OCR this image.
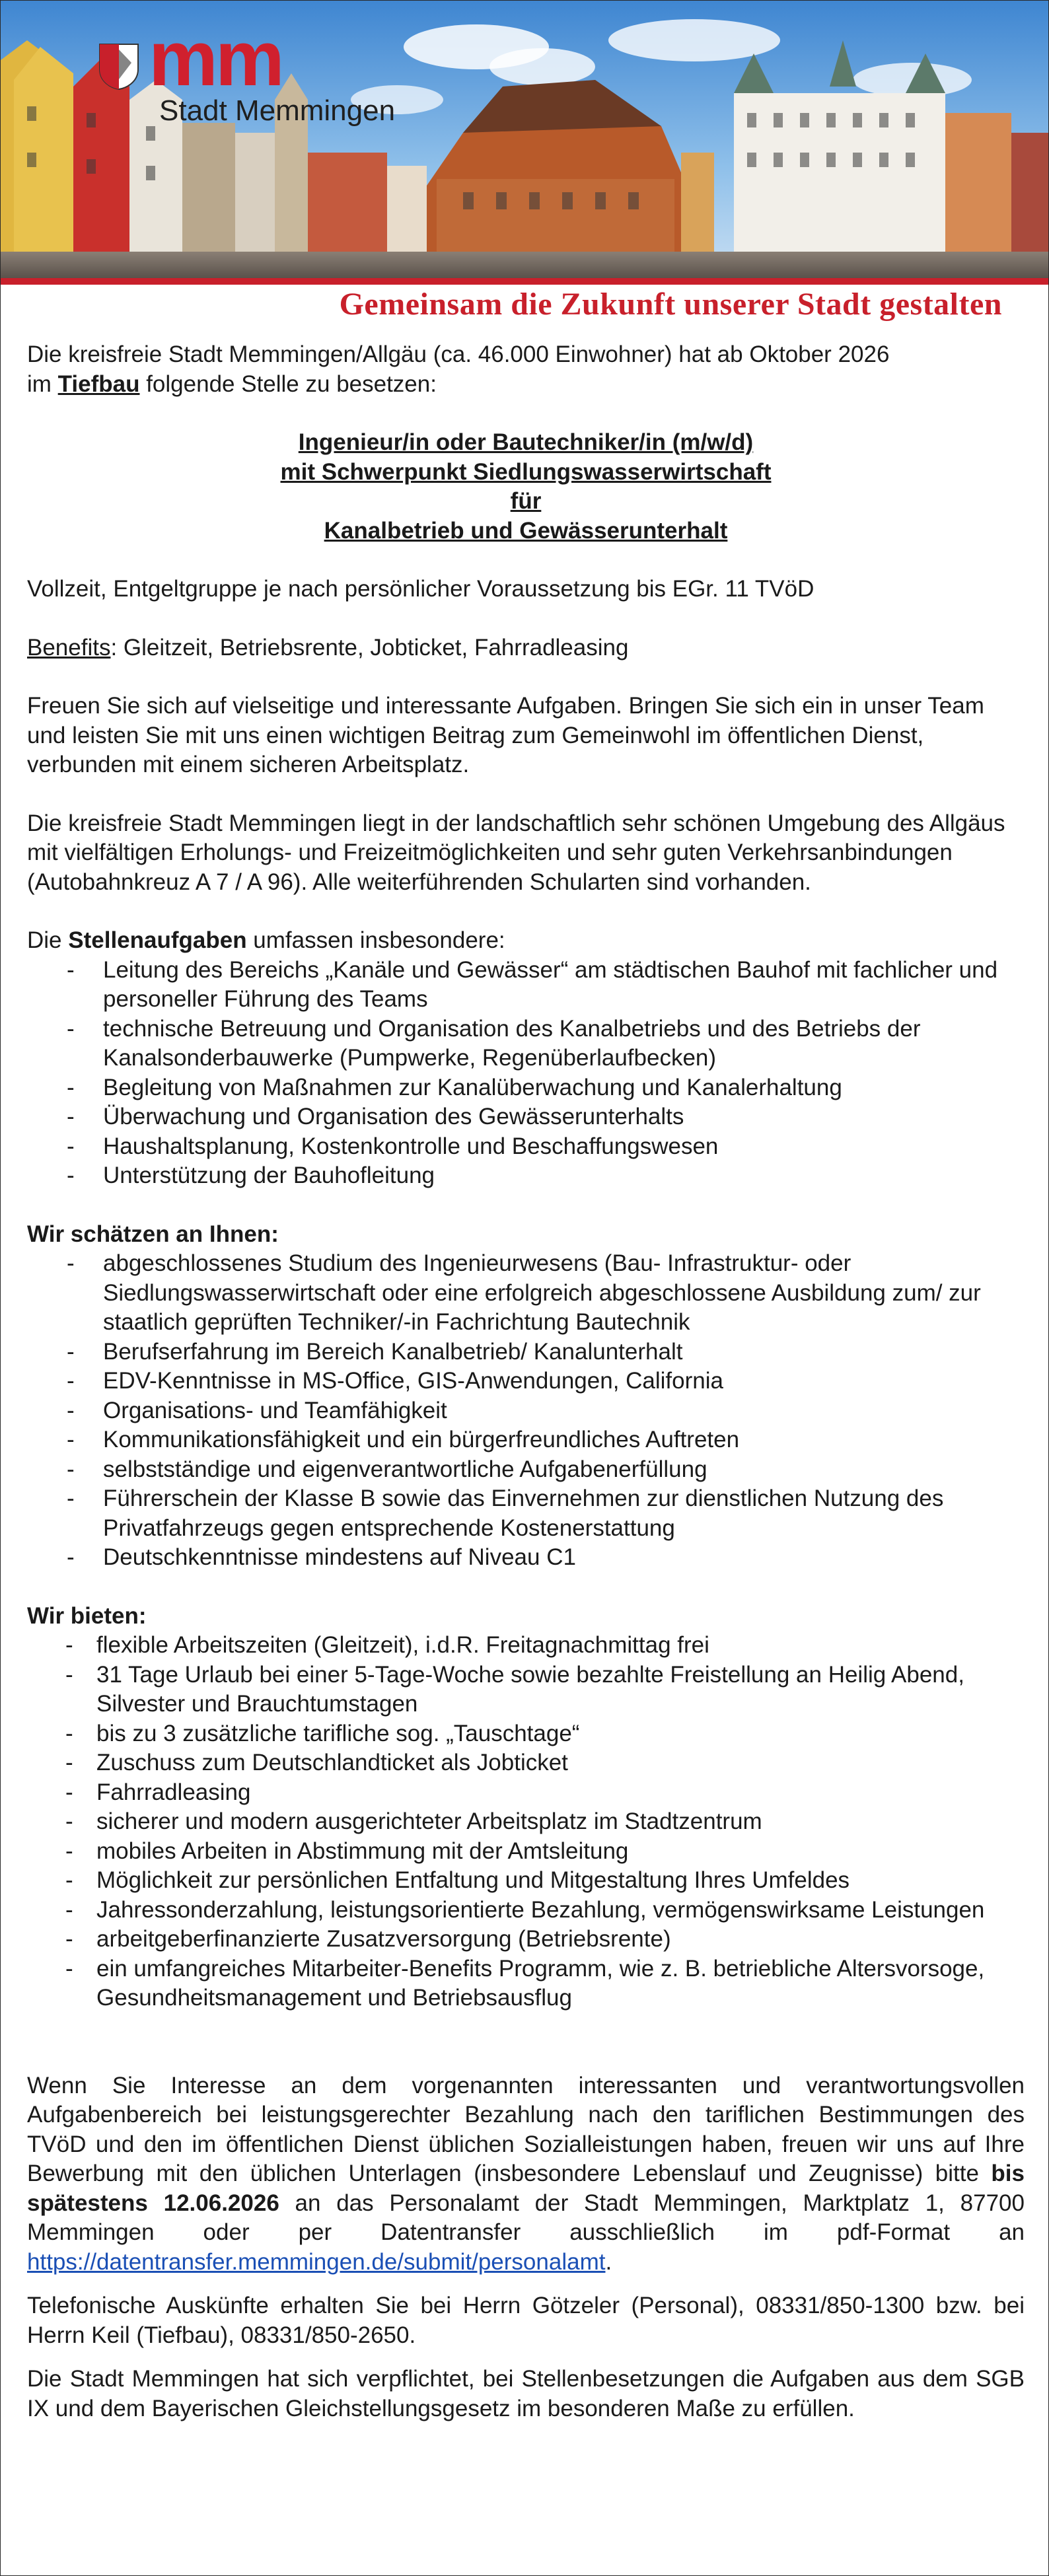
mm
Stadt Memmingen
Gemeinsam die Zukunft unserer Stadt gestalten

Die kreisfreie Stadt Memmingen/Allgäu (ca. 46.000 Einwohner) hat ab Oktober 2026
im Tiefbau folgende Stelle zu besetzen:

Ingenieur/in oder Bautechniker/in (m/w/d)

mit Schwerpunkt Siedlungswasserwirtschaft

für

Kanalbetrieb und Gewässerunterhalt

Vollzeit, Entgeltgruppe je nach persönlicher Voraussetzung bis EGr. 11 TVöD

Benefits: Gleitzeit, Betriebsrente, Jobticket, Fahrradleasing

Freuen Sie sich auf vielseitige und interessante Aufgaben. Bringen Sie sich ein in unser Team und leisten Sie mit uns einen wichtigen Beitrag zum Gemeinwohl im öffentlichen Dienst, verbunden mit einem sicheren Arbeitsplatz.

Die kreisfreie Stadt Memmingen liegt in der landschaftlich sehr schönen Umgebung des Allgäus mit vielfältigen Erholungs- und Freizeitmöglichkeiten und sehr guten Verkehrsanbindungen (Autobahnkreuz A 7 / A 96). Alle weiterführenden Schularten sind vorhanden.

Die Stellenaufgaben umfassen insbesondere:

- Leitung des Bereichs „Kanäle und Gewässer“ am städtischen Bauhof mit fachlicher und personeller Führung des Teams
- technische Betreuung und Organisation des Kanalbetriebs und des Betriebs der Kanalsonderbauwerke (Pumpwerke, Regenüberlaufbecken)
- Begleitung von Maßnahmen zur Kanalüberwachung und Kanalerhaltung
- Überwachung und Organisation des Gewässerunterhalts
- Haushaltsplanung, Kostenkontrolle und Beschaffungswesen
- Unterstützung der Bauhofleitung

Wir schätzen an Ihnen:

- abgeschlossenes Studium des Ingenieurwesens (Bau- Infrastruktur- oder Siedlungswasserwirtschaft oder eine erfolgreich abgeschlossene Ausbildung zum/ zur staatlich geprüften Techniker/-in Fachrichtung Bautechnik
- Berufserfahrung im Bereich Kanalbetrieb/ Kanalunterhalt
- EDV-Kenntnisse in MS-Office, GIS-Anwendungen, California
- Organisations- und Teamfähigkeit
- Kommunikationsfähigkeit und ein bürgerfreundliches Auftreten
- selbstständige und eigenverantwortliche Aufgabenerfüllung
- Führerschein der Klasse B sowie das Einvernehmen zur dienstlichen Nutzung des Privatfahrzeugs gegen entsprechende Kostenerstattung
- Deutschkenntnisse mindestens auf Niveau C1

Wir bieten:

- flexible Arbeitszeiten (Gleitzeit), i.d.R. Freitagnachmittag frei
- 31 Tage Urlaub bei einer 5-Tage-Woche sowie bezahlte Freistellung an Heilig Abend, Silvester und Brauchtumstagen
- bis zu 3 zusätzliche tarifliche sog. „Tauschtage“
- Zuschuss zum Deutschlandticket als Jobticket
- Fahrradleasing
- sicherer und modern ausgerichteter Arbeitsplatz im Stadtzentrum
- mobiles Arbeiten in Abstimmung mit der Amtsleitung
- Möglichkeit zur persönlichen Entfaltung und Mitgestaltung Ihres Umfeldes
- Jahressonderzahlung, leistungsorientierte Bezahlung, vermögenswirksame Leistungen
- arbeitgeberfinanzierte Zusatzversorgung (Betriebsrente)
- ein umfangreiches Mitarbeiter-Benefits Programm, wie z. B. betriebliche Altersvorsoge, Gesundheitsmanagement und Betriebsausflug

Wenn Sie Interesse an dem vorgenannten interessanten und verantwortungsvollen Aufgabenbereich bei leistungsgerechter Bezahlung nach den tariflichen Bestimmungen des TVöD und den im öffentlichen Dienst üblichen Sozialleistungen haben, freuen wir uns auf Ihre Bewerbung mit den üblichen Unterlagen (insbesondere Lebenslauf und Zeugnisse) bitte bis spätestens 12.06.2026 an das Personalamt der Stadt Memmingen, Marktplatz 1, 87700 Memmingen oder per Datentransfer ausschließlich im pdf-Format an https://datentransfer.memmingen.de/submit/personalamt.

Telefonische Auskünfte erhalten Sie bei Herrn Götzeler (Personal), 08331/850-1300 bzw. bei Herrn Keil (Tiefbau), 08331/850-2650.

Die Stadt Memmingen hat sich verpflichtet, bei Stellenbesetzungen die Aufgaben aus dem SGB IX und dem Bayerischen Gleichstellungsgesetz im besonderen Maße zu erfüllen.
